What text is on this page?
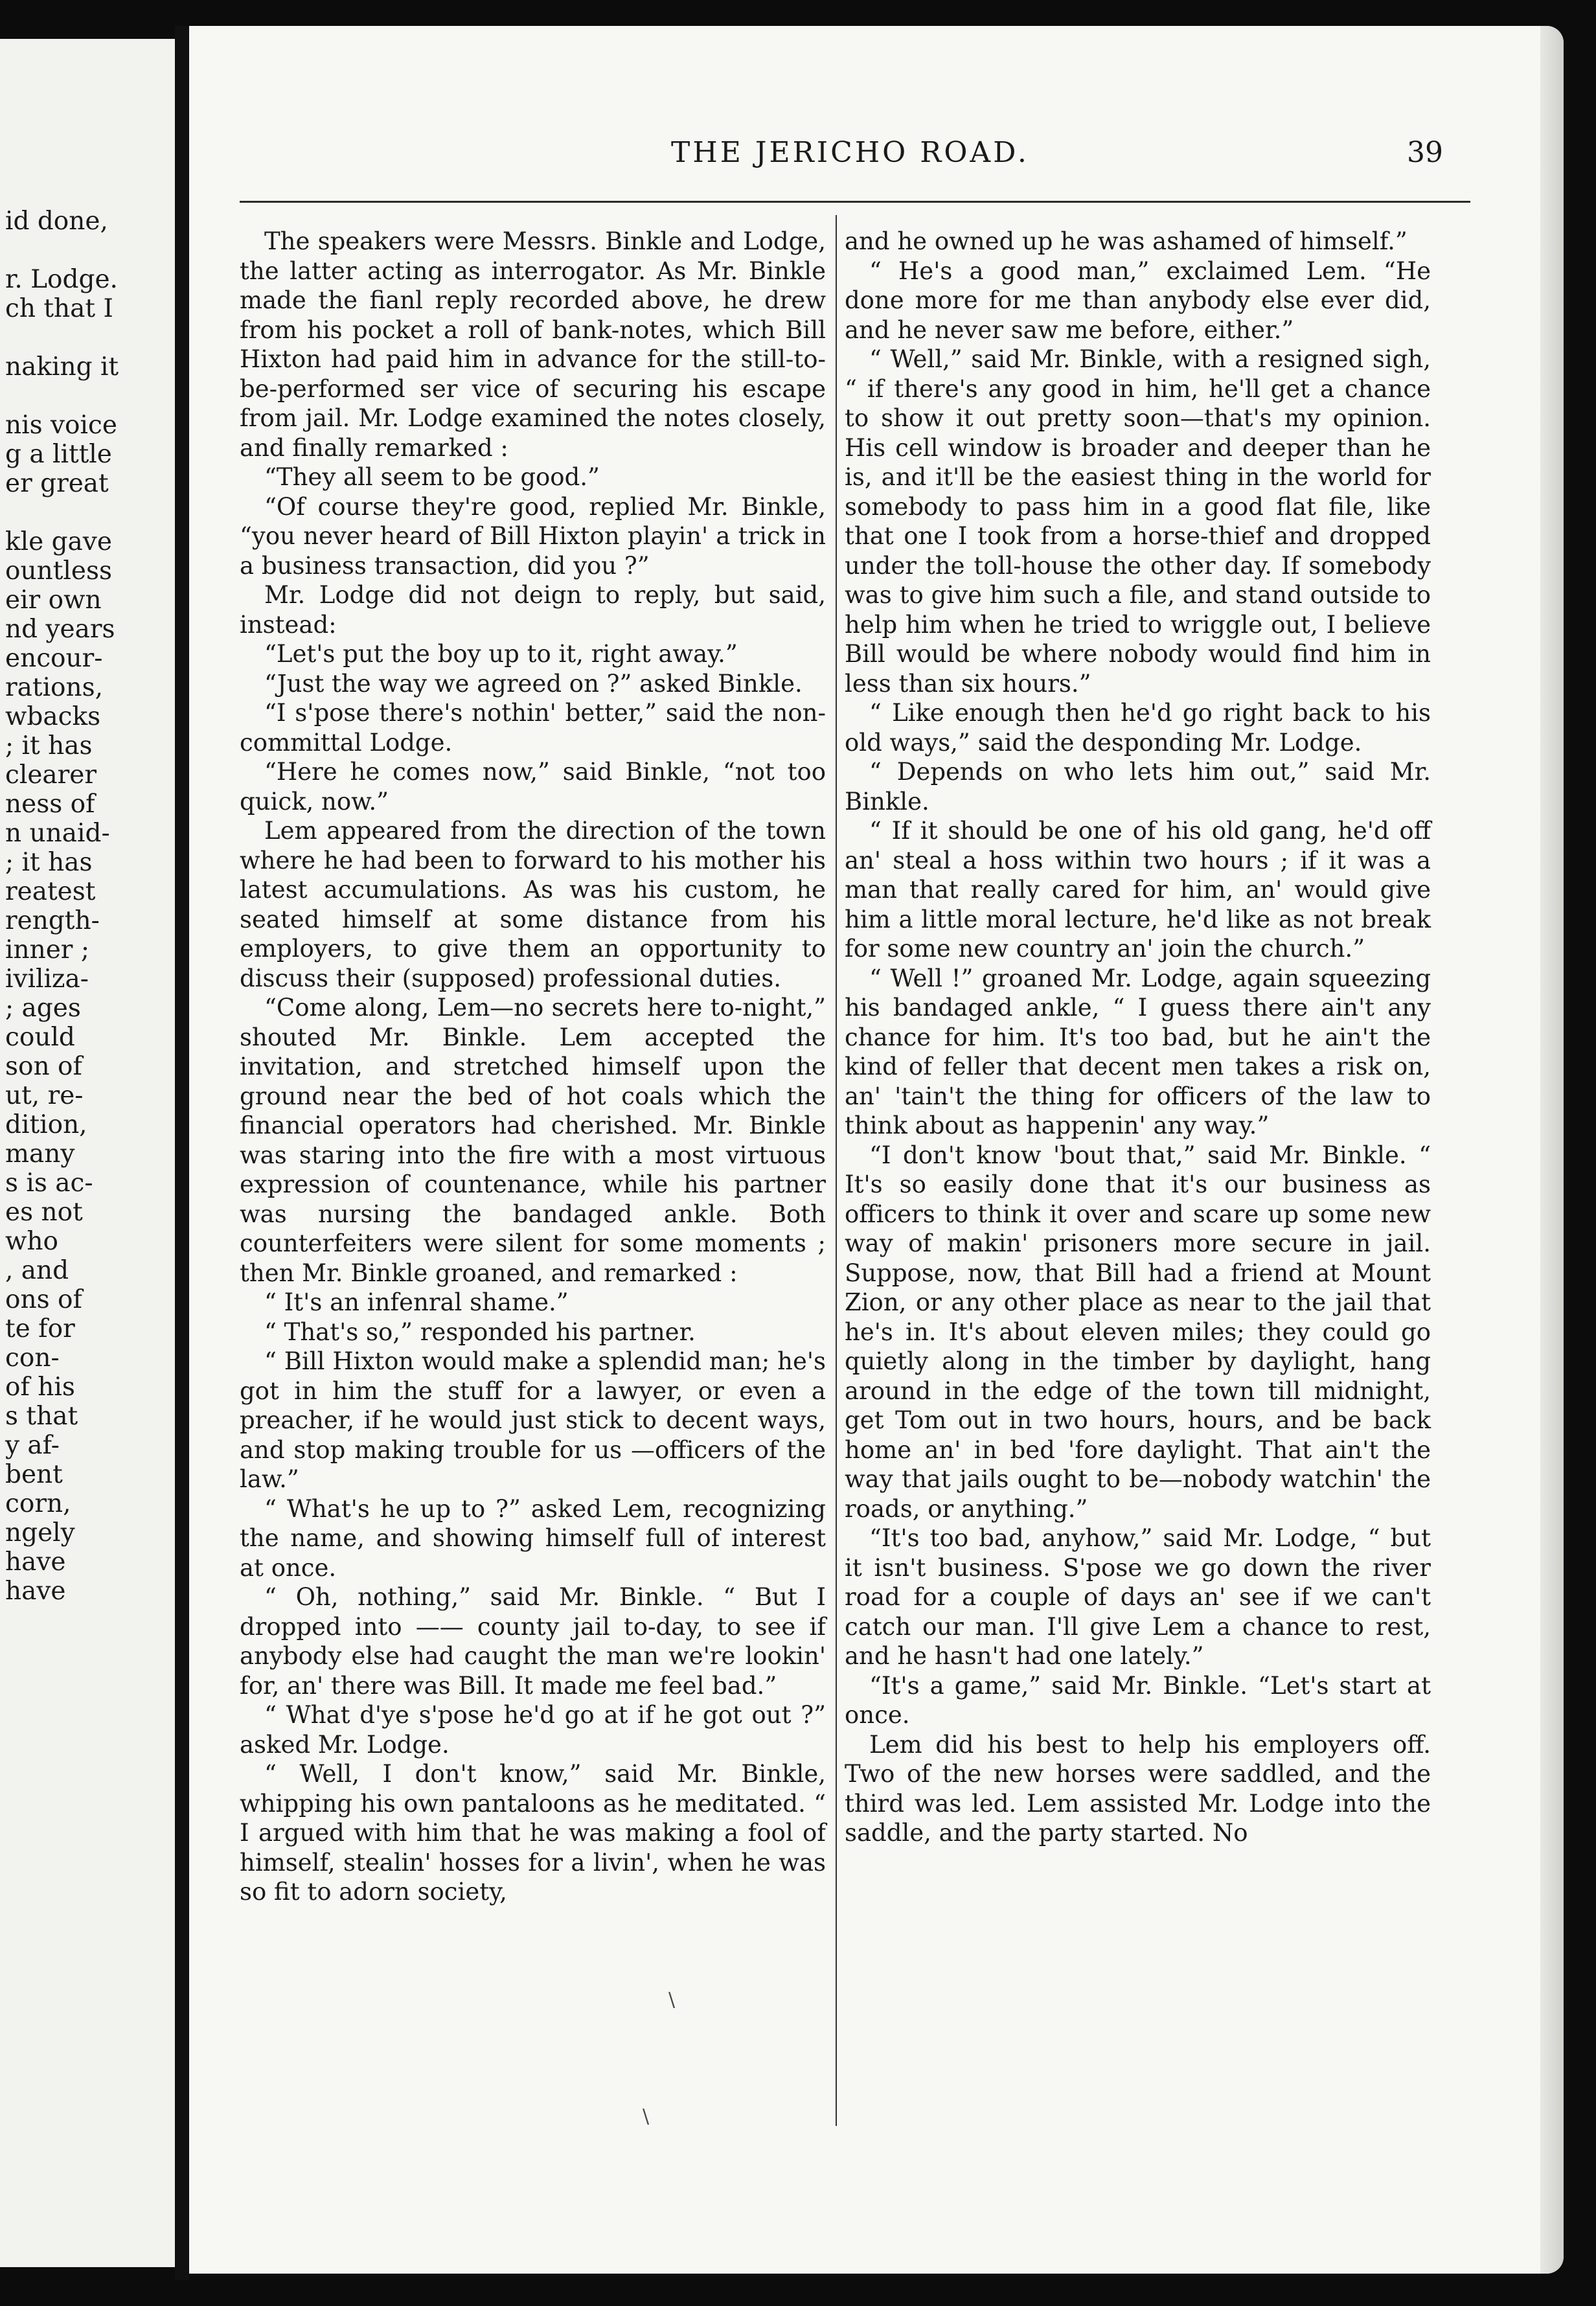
id done,
r. Lodge.
ch that I
naking it
nis voice
g a little
er great
kle gave
ountless
eir own
nd years
encour-
rations,
wbacks
; it has
clearer
ness of
n unaid-
; it has
reatest
rength-
inner ;
iviliza-
; ages
could
son of
ut, re-
dition,
many
s is ac-
es not
who
, and
ons of
te for
con-
of his
s that
y af-
bent
corn,
ngely
have
have
THE JERICHO ROAD.	39

The speakers were Messrs. Binkle and Lodge, the latter acting as interrogator. As Mr. Binkle made the fianl reply recorded above, he drew from his pocket a roll of bank-notes, which Bill Hixton had paid him in advance for the still-to-be-performed ser vice of securing his escape from jail. Mr. Lodge examined the notes closely, and finally remarked :

“They all seem to be good.”

“Of course they're good, replied Mr. Binkle, “you never heard of Bill Hixton playin' a trick in a business transaction, did you ?”

Mr. Lodge did not deign to reply, but said, instead:

“Let's put the boy up to it, right away.”

“Just the way we agreed on ?” asked Binkle.

“I s'pose there's nothin' better,” said the non-committal Lodge.

“Here he comes now,” said Binkle, “not too quick, now.”

Lem appeared from the direction of the town where he had been to forward to his mother his latest accumulations. As was his custom, he seated himself at some distance from his employers, to give them an opportunity to discuss their (supposed) professional duties.

“Come along, Lem—no secrets here to-night,” shouted Mr. Binkle. Lem accepted the invitation, and stretched himself upon the ground near the bed of hot coals which the financial operators had cherished. Mr. Binkle was staring into the fire with a most virtuous expression of countenance, while his partner was nursing the bandaged ankle. Both counterfeiters were silent for some moments ; then Mr. Binkle groaned, and remarked :

“ It's an infenral shame.”

“ That's so,” responded his partner.

“ Bill Hixton would make a splendid man; he's got in him the stuff for a lawyer, or even a preacher, if he would just stick to decent ways, and stop making trouble for us —officers of the law.”

“ What's he up to ?” asked Lem, recognizing the name, and showing himself full of interest at once.

“ Oh, nothing,” said Mr. Binkle. “ But I dropped into —— county jail to-day, to see if anybody else had caught the man we're lookin' for, an' there was Bill. It made me feel bad.”

“ What d'ye s'pose he'd go at if he got out ?” asked Mr. Lodge.

“ Well, I don't know,” said Mr. Binkle, whipping his own pantaloons as he meditated. “ I argued with him that he was making a fool of himself, stealin' hosses for a livin', when he was so fit to adorn society,

and he owned up he was ashamed of himself.”

“ He's a good man,” exclaimed Lem. “He done more for me than anybody else ever did, and he never saw me before, either.”

“ Well,” said Mr. Binkle, with a resigned sigh, “ if there's any good in him, he'll get a chance to show it out pretty soon—that's my opinion. His cell window is broader and deeper than he is, and it'll be the easiest thing in the world for somebody to pass him in a good flat file, like that one I took from a horse-thief and dropped under the toll-house the other day. If somebody was to give him such a file, and stand outside to help him when he tried to wriggle out, I believe Bill would be where nobody would find him in less than six hours.”

“ Like enough then he'd go right back to his old ways,” said the desponding Mr. Lodge.

“ Depends on who lets him out,” said Mr. Binkle.

“ If it should be one of his old gang, he'd off an' steal a hoss within two hours ; if it was a man that really cared for him, an' would give him a little moral lecture, he'd like as not break for some new country an' join the church.”

“ Well !” groaned Mr. Lodge, again squeezing his bandaged ankle, “ I guess there ain't any chance for him. It's too bad, but he ain't the kind of feller that decent men takes a risk on, an' 'tain't the thing for officers of the law to think about as happenin' any way.”

“I don't know 'bout that,” said Mr. Binkle. “ It's so easily done that it's our business as officers to think it over and scare up some new way of makin' prisoners more secure in jail. Suppose, now, that Bill had a friend at Mount Zion, or any other place as near to the jail that he's in. It's about eleven miles; they could go quietly along in the timber by daylight, hang around in the edge of the town till midnight, get Tom out in two hours, hours, and be back home an' in bed 'fore daylight. That ain't the way that jails ought to be—nobody watchin' the roads, or anything.”

“It's too bad, anyhow,” said Mr. Lodge, “ but it isn't business. S'pose we go down the river road for a couple of days an' see if we can't catch our man. I'll give Lem a chance to rest, and he hasn't had one lately.”

“It's a game,” said Mr. Binkle. “Let's start at once.

Lem did his best to help his employers off. Two of the new horses were saddled, and the third was led. Lem assisted Mr. Lodge into the saddle, and the party started. No

\
\
